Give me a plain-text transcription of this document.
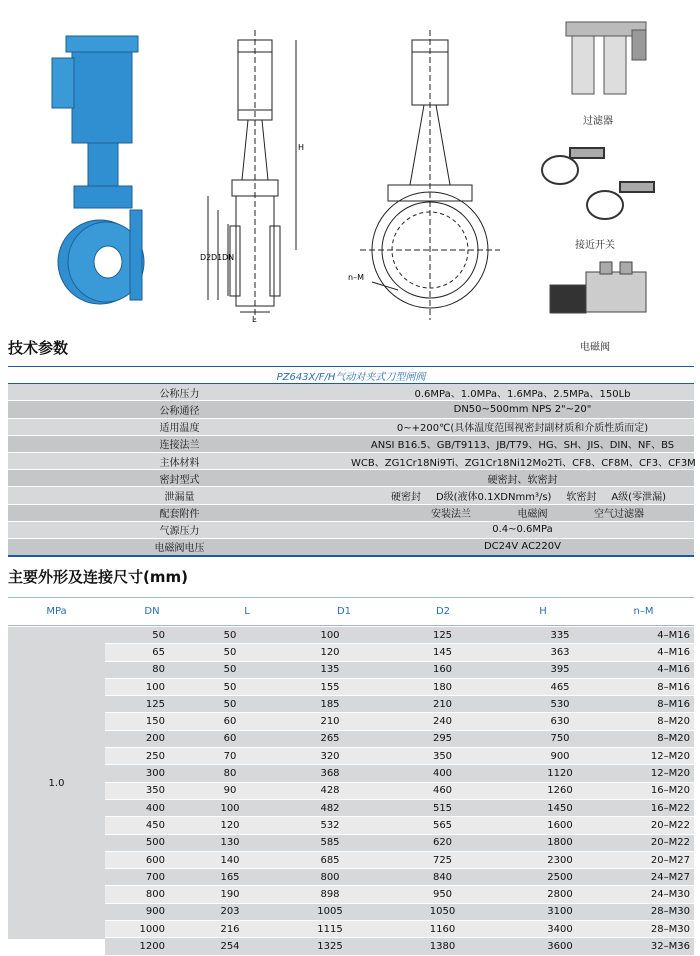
H
D2 D1 DN
L
n–M
过滤器
接近开关
电磁阀
技术参数
PZ643X/F/H气动对夹式刀型闸阀	
公称压力	0.6MPa、1.0MPa、1.6MPa、2.5MPa、150Lb
公称通径	DN50~500mm NPS 2"~20"
适用温度	0~+200℃(具体温度范围视密封副材质和介质性质而定)
连接法兰	ANSI B16.5、GB/T9113、JB/T79、HG、SH、JIS、DIN、NF、BS
主体材料	WCB、ZG1Cr18Ni9Ti、ZG1Cr18Ni12Mo2Ti、CF8、CF8M、CF3、CF3M
密封型式	硬密封、软密封
泄漏量	硬密封 D级(液体0.1XDNmm³/s) 软密封 A级(零泄漏)

配套附件	安装法兰 电磁阀 空气过滤器

气源压力	0.4~0.6MPa
电磁阀电压	DC24V AC220V
主要外形及连接尺寸(mm)
MPa	DN	L	D1	D2	H	n–M
1.0
50	50	100	125	335	4–M16
65	50	120	145	363	4–M16
80	50	135	160	395	4–M16
100	50	155	180	465	8–M16
125	50	185	210	530	8–M16
150	60	210	240	630	8–M20
200	60	265	295	750	8–M20
250	70	320	350	900	12–M20
300	80	368	400	1120	12–M20
350	90	428	460	1260	16–M20
400	100	482	515	1450	16–M22
450	120	532	565	1600	20–M22
500	130	585	620	1800	20–M22
600	140	685	725	2300	20–M27
700	165	800	840	2500	24–M27
800	190	898	950	2800	24–M30
900	203	1005	1050	3100	28–M30
1000	216	1115	1160	3400	28–M30
1200	254	1325	1380	3600	32–M36
